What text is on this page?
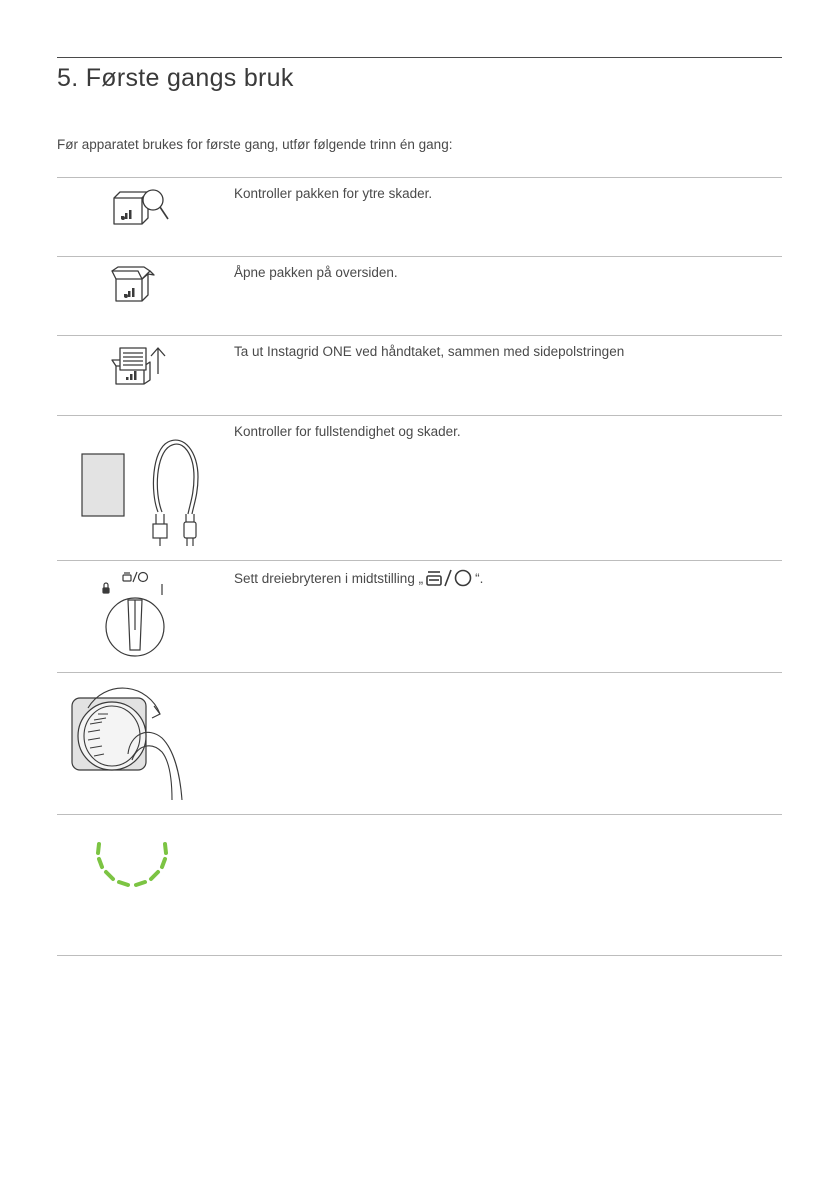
5. Første gangs bruk

Før apparatet brukes for første gang, utfør følgende trinn én gang:

Kontroller pakken for ytre skader.

Åpne pakken på oversiden.

Ta ut Instagrid ONE ved håndtaket, sammen med sidepolstringen

Kontroller for fullstendighet og skader.

Sett dreiebryteren i midtstilling „	“.
